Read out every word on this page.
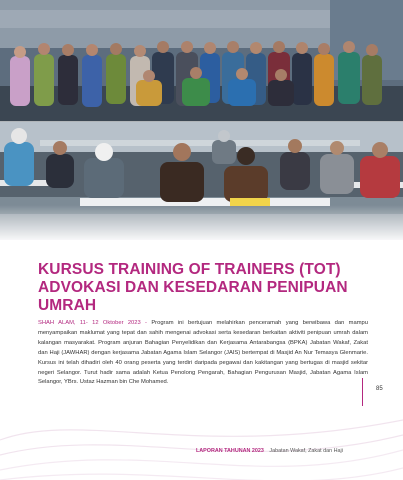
KURSUS TRAINING OF TRAINERS (TOT) ADVOKASI DAN KESEDARAN PENIPUAN UMRAH
SHAH ALAM, 11- 12 Oktober 2023 - Program ini bertujuan melahirkan penceramah yang berwibawa dan mampu menyampaikan maklumat yang tepat dan sahih mengenai advokasi serta kesedaran berkaitan aktiviti penipuan umrah dalam kalangan masyarakat. Program anjuran Bahagian Penyelidikan dan Kerjasama Antarabangsa (BPKA) Jabatan Wakaf, Zakat dan Haji (JAWHAR) dengan kerjasama Jabatan Agama Islam Selangor (JAIS) bertempat di Masjid An Nur Temasya Glenmarie. Kursus ini telah dihadiri oleh 40 orang peserta yang terdiri daripada pegawai dan kakitangan yang bertugas di masjid sekitar negeri Selangor. Turut hadir sama adalah Ketua Penolong Pengarah, Bahagian Pengurusan Masjid, Jabatan Agama Islam Selangor, YBrs. Ustaz Hazman bin Che Mohamed.
85
LAPORAN TAHUNAN 2023 Jabatan Wakaf, Zakat dan Haji
